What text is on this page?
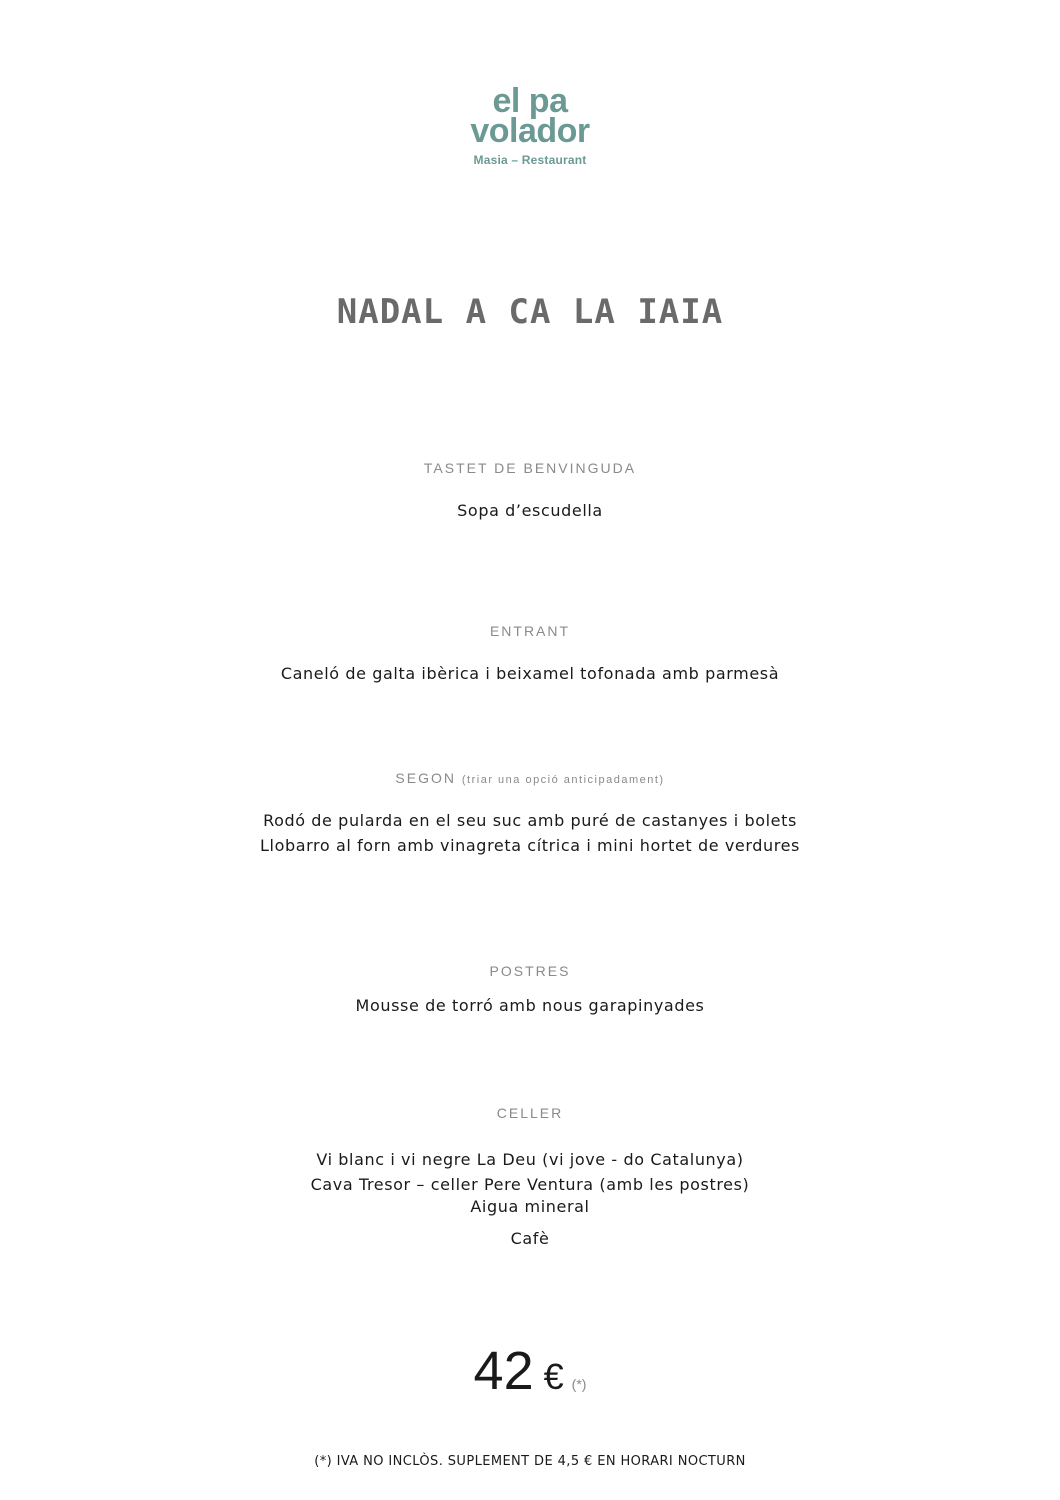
el pa
volador
Masia – Restaurant
NADAL A CA LA IAIA
TASTET DE BENVINGUDA
Sopa d’escudella
ENTRANT
Caneló de galta ibèrica i beixamel tofonada amb parmesà
SEGON (triar una opció anticipadament)
Rodó de pularda en el seu suc amb puré de castanyes i bolets
Llobarro al forn amb vinagreta cítrica i mini hortet de verdures
POSTRES
Mousse de torró amb nous garapinyades
CELLER
Vi blanc i vi negre La Deu (vi jove - do Catalunya)
Cava Tresor – celler Pere Ventura (amb les postres)
Aigua mineral
Cafè
42 € (*)
(*) IVA NO INCLÒS. SUPLEMENT DE 4,5 € EN HORARI NOCTURN
